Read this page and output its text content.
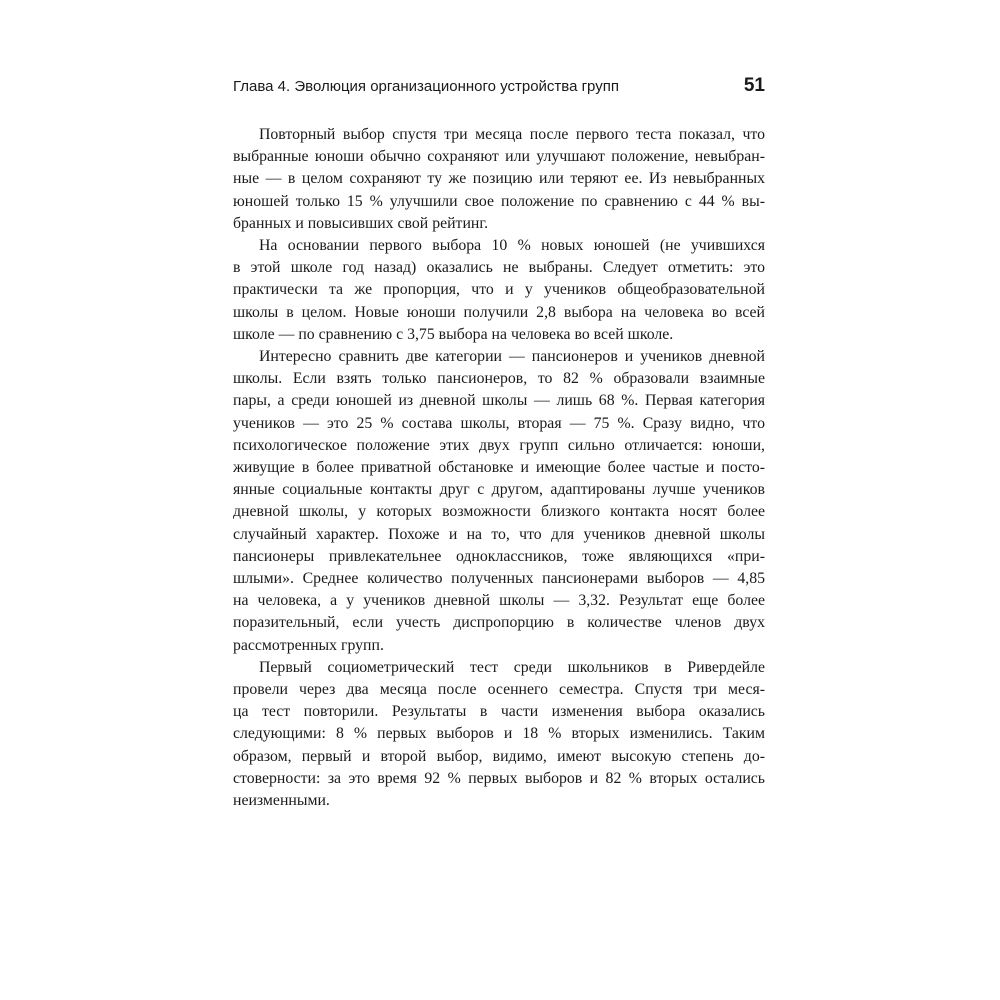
Глава 4. Эволюция организационного устройства групп	51
Повторный выбор спустя три месяца после первого теста показал, что
выбранные юноши обычно сохраняют или улучшают положение, невыбран-
ные — в целом сохраняют ту же позицию или теряют ее. Из невыбранных
юношей только 15 % улучшили свое положение по сравнению с 44 % вы-
бранных и повысивших свой рейтинг.
На основании первого выбора 10 % новых юношей (не учившихся
в этой школе год назад) оказались не выбраны. Следует отметить: это
практически та же пропорция, что и у учеников общеобразовательной
школы в целом. Новые юноши получили 2,8 выбора на человека во всей
школе — по сравнению с 3,75 выбора на человека во всей школе.
Интересно сравнить две категории — пансионеров и учеников дневной
школы. Если взять только пансионеров, то 82 % образовали взаимные
пары, а среди юношей из дневной школы — лишь 68 %. Первая категория
учеников — это 25 % состава школы, вторая — 75 %. Сразу видно, что
психологическое положение этих двух групп сильно отличается: юноши,
живущие в более приватной обстановке и имеющие более частые и посто-
янные социальные контакты друг с другом, адаптированы лучше учеников
дневной школы, у которых возможности близкого контакта носят более
случайный характер. Похоже и на то, что для учеников дневной школы
пансионеры привлекательнее одноклассников, тоже являющихся «при-
шлыми». Среднее количество полученных пансионерами выборов — 4,85
на человека, а у учеников дневной школы — 3,32. Результат еще более
поразительный, если учесть диспропорцию в количестве членов двух
рассмотренных групп.
Первый социометрический тест среди школьников в Ривердейле
провели через два месяца после осеннего семестра. Спустя три меся-
ца тест повторили. Результаты в части изменения выбора оказались
следующими: 8 % первых выборов и 18 % вторых изменились. Таким
образом, первый и второй выбор, видимо, имеют высокую степень до-
стоверности: за это время 92 % первых выборов и 82 % вторых остались
неизменными.
